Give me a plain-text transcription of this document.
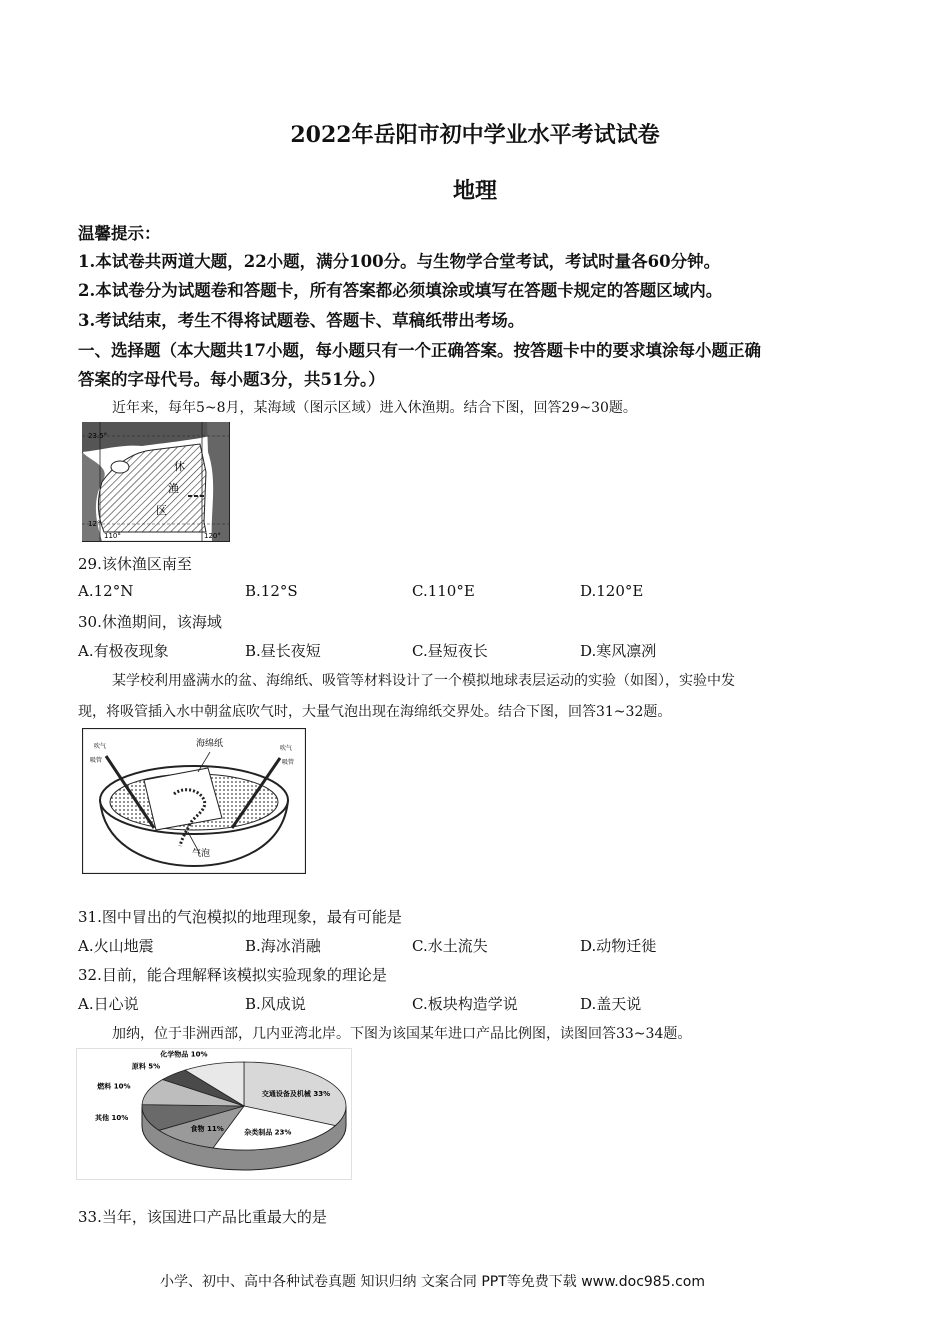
2022年岳阳市初中学业水平考试试卷
地理
温馨提示：
1.本试卷共两道大题，22小题，满分100分。与生物学合堂考试，考试时量各60分钟。
2.本试卷分为试题卷和答题卡，所有答案都必须填涂或填写在答题卡规定的答题区域内。
3.考试结束，考生不得将试题卷、答题卡、草稿纸带出考场。
一、选择题（本大题共17小题，每小题只有一个正确答案。按答题卡中的要求填涂每小题正确
答案的字母代号。每小题3分，共51分。）
近年来，每年5~8月，某海域（图示区域）进入休渔期。结合下图，回答29~30题。
23.5°
12°
110°	120°
休
渔
区
29.该休渔区南至
A.12°N	B.12°S	C.110°E	D.120°E
30.休渔期间，该海域
A.有极夜现象	B.昼长夜短	C.昼短夜长	D.寒风凛冽
某学校利用盛满水的盆、海绵纸、吸管等材料设计了一个模拟地球表层运动的实验（如图），实验中发
现，将吸管插入水中朝盆底吹气时，大量气泡出现在海绵纸交界处。结合下图，回答31~32题。
海绵纸
吹气
吸管
吹气
吸管
气泡
31.图中冒出的气泡模拟的地理现象，最有可能是
A.火山地震	B.海冰消融	C.水土流失	D.动物迁徙
32.目前，能合理解释该模拟实验现象的理论是
A.日心说	B.风成说	C.板块构造学说	D.盖天说
加纳，位于非洲西部，几内亚湾北岸。下图为该国某年进口产品比例图，读图回答33~34题。
交通设备及机械 33%
杂类制品 23%
食物 11%
其他 10%
燃料 10%
原料 5%
化学物品 10%
33.当年，该国进口产品比重最大的是
小学、初中、高中各种试卷真题 知识归纳 文案合同 PPT等免费下载 www.doc985.com
